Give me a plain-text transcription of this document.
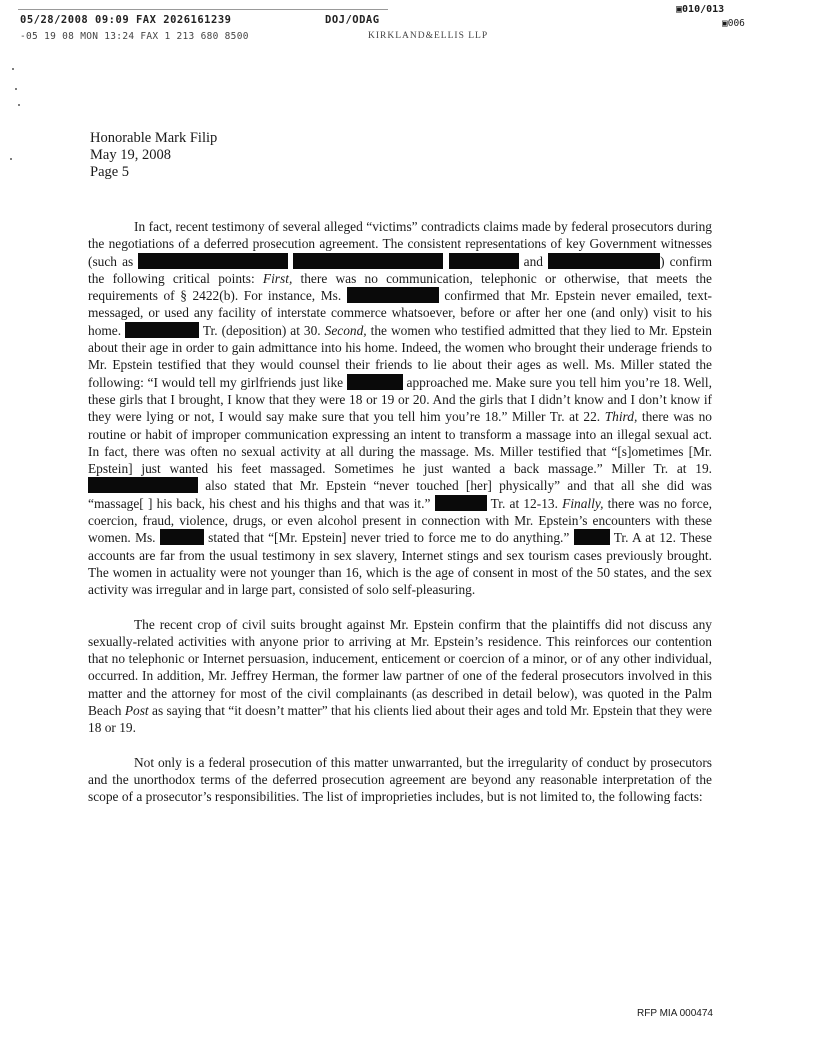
05/28/2008 09:09 FAX 2026161239	DOJ/ODAG
-05 19 08 MON 13:24 FAX 1 213 680 8500	KIRKLAND&ELLIS LLP
▣010/013
▣006
Honorable Mark Filip
May 19, 2008
Page 5

In fact, recent testimony of several alleged “victims” contradicts claims made by federal prosecutors during the negotiations of a deferred prosecution agreement. The consistent representations of key Government witnesses (such as	and	) confirm the following critical points: First, there was no communication, telephonic or otherwise, that meets the requirements of § 2422(b). For instance, Ms.	confirmed that Mr. Epstein never emailed, text-messaged, or used any facility of interstate commerce whatsoever, before or after her one (and only) visit to his home.	Tr. (deposition) at 30. Second, the women who testified admitted that they lied to Mr. Epstein about their age in order to gain admittance into his home. Indeed, the women who brought their underage friends to Mr. Epstein testified that they would counsel their friends to lie about their ages as well. Ms. Miller stated the following: “I would tell my girlfriends just like	approached me. Make sure you tell him you’re 18. Well, these girls that I brought, I know that they were 18 or 19 or 20. And the girls that I didn’t know and I don’t know if they were lying or not, I would say make sure that you tell him you’re 18.” Miller Tr. at 22. Third, there was no routine or habit of improper communication expressing an intent to transform a massage into an illegal sexual act. In fact, there was often no sexual activity at all during the massage. Ms. Miller testified that “[s]ometimes [Mr. Epstein] just wanted his feet massaged. Sometimes he just wanted a back massage.” Miller Tr. at 19.  also stated that Mr. Epstein “never touched [her] physically” and that all she did was “massage[ ] his back, his chest and his thighs and that was it.”	Tr. at 12-13. Finally, there was no force, coercion, fraud, violence, drugs, or even alcohol present in connection with Mr. Epstein’s encounters with these women. Ms.	stated that “[Mr. Epstein] never tried to force me to do anything.”	Tr. A at 12. These accounts are far from the usual testimony in sex slavery, Internet stings and sex tourism cases previously brought. The women in actuality were not younger than 16, which is the age of consent in most of the 50 states, and the sex activity was irregular and in large part, consisted of solo self-pleasuring.

The recent crop of civil suits brought against Mr. Epstein confirm that the plaintiffs did not discuss any sexually-related activities with anyone prior to arriving at Mr. Epstein’s residence. This reinforces our contention that no telephonic or Internet persuasion, inducement, enticement or coercion of a minor, or of any other individual, occurred. In addition, Mr. Jeffrey Herman, the former law partner of one of the federal prosecutors involved in this matter and the attorney for most of the civil complainants (as described in detail below), was quoted in the Palm Beach Post as saying that “it doesn’t matter” that his clients lied about their ages and told Mr. Epstein that they were 18 or 19.

Not only is a federal prosecution of this matter unwarranted, but the irregularity of conduct by prosecutors and the unorthodox terms of the deferred prosecution agreement are beyond any reasonable interpretation of the scope of a prosecutor’s responsibilities. The list of improprieties includes, but is not limited to, the following facts:

RFP MIA 000474
